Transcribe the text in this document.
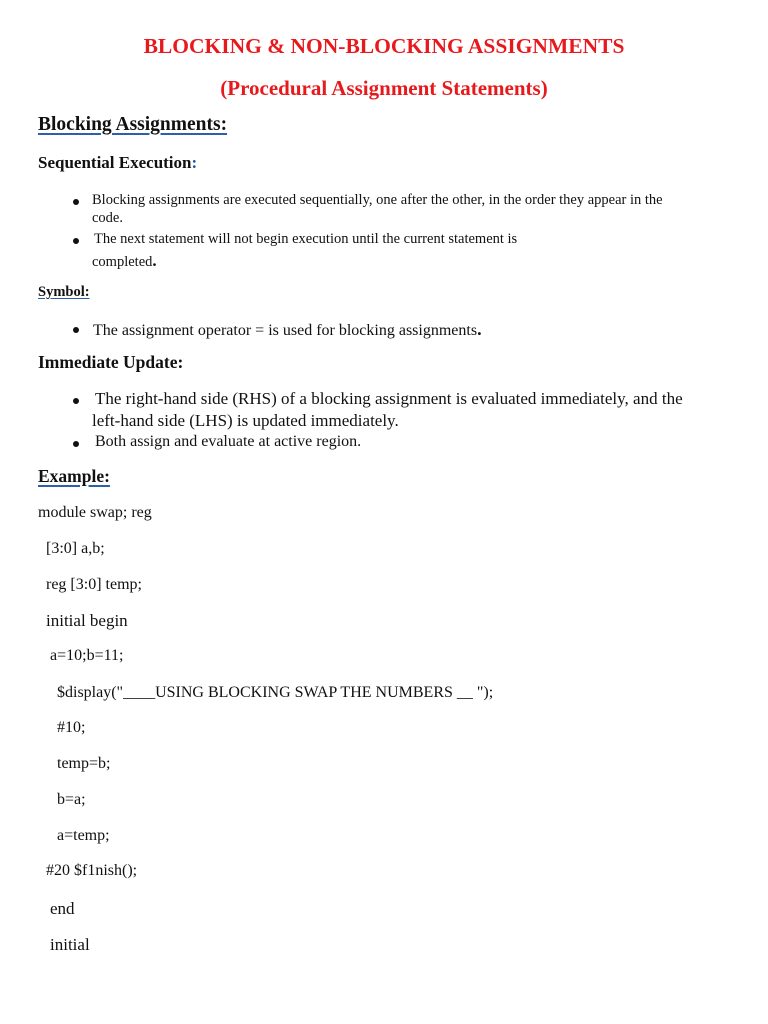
BLOCKING & NON-BLOCKING ASSIGNMENTS
(Procedural Assignment Statements)
Blocking Assignments:
Sequential Execution:
Blocking assignments are executed sequentially, one after the other, in the order they appear in the
code.
The next statement will not begin execution until the current statement is
completed.
Symbol:
The assignment operator = is used for blocking assignments.
Immediate Update:
The right-hand side (RHS) of a blocking assignment is evaluated immediately, and the
left-hand side (LHS) is updated immediately.
Both assign and evaluate at active region.
Example:
module swap; reg
[3:0] a,b;
reg [3:0] temp;
initial begin
a=10;b=11;
$display("____USING BLOCKING SWAP THE NUMBERS __ ");
#10;
temp=b;
b=a;
a=temp;
#20 $f1nish();
end
initial
